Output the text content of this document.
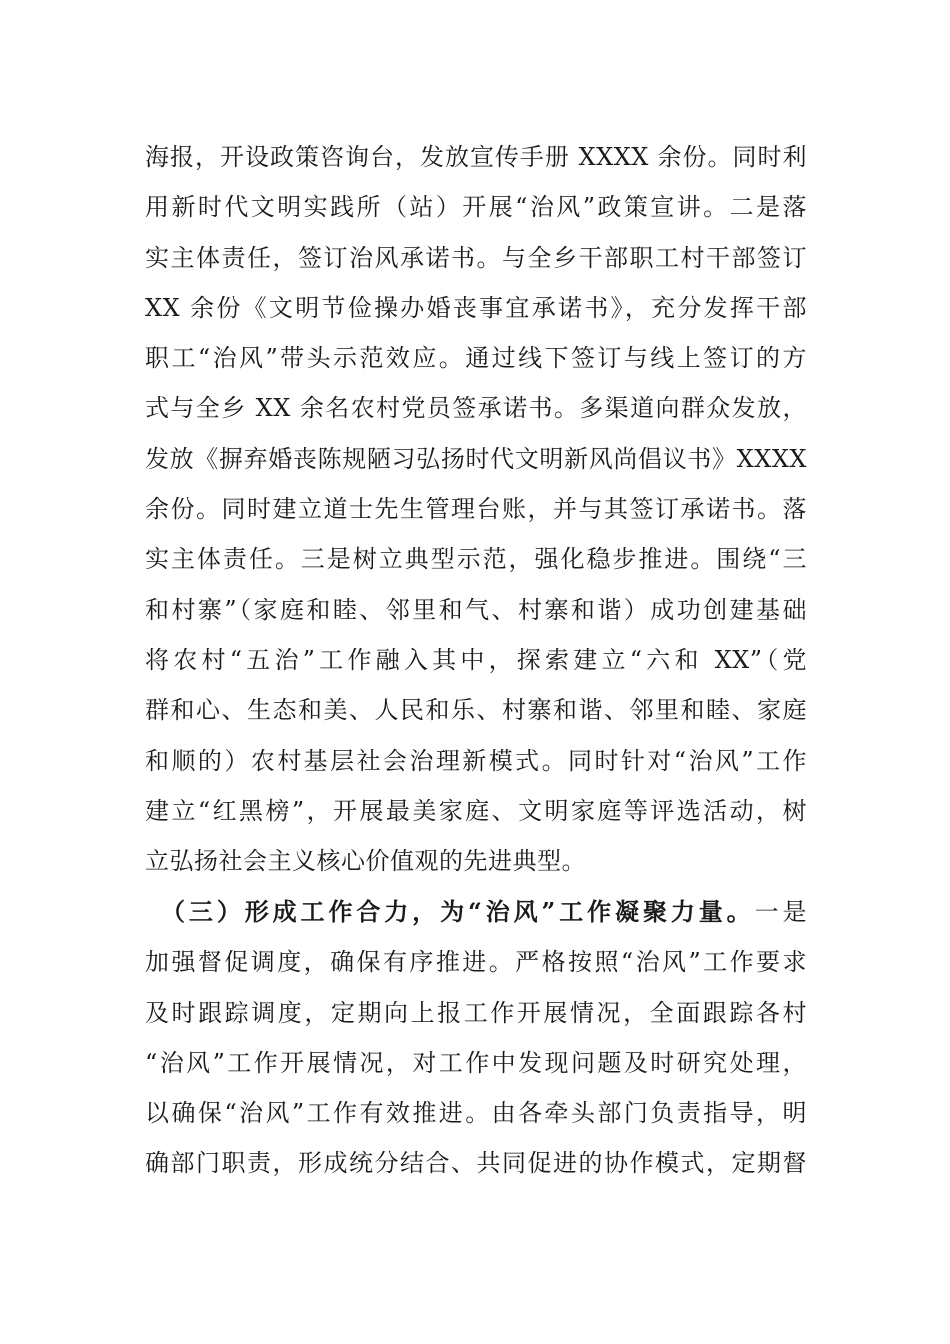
海报，开设政策咨询台，发放宣传手册 XXXX 余份。同时利
用新时代文明实践所（站）开展“治风”政策宣讲。二是落
实主体责任，签订治风承诺书。与全乡干部职工村干部签订
XX 余份《文明节俭操办婚丧事宜承诺书》，充分发挥干部
职工“治风”带头示范效应。通过线下签订与线上签订的方
式与全乡 XX 余名农村党员签承诺书。多渠道向群众发放，
发放《摒弃婚丧陈规陋习弘扬时代文明新风尚倡议书》XXXX
余份。同时建立道士先生管理台账，并与其签订承诺书。落
实主体责任。三是树立典型示范，强化稳步推进。围绕“三
和村寨”（家庭和睦、邻里和气、村寨和谐）成功创建基础
将农村“五治”工作融入其中，探索建立“六和 XX”（党
群和心、生态和美、人民和乐、村寨和谐、邻里和睦、家庭
和顺的）农村基层社会治理新模式。同时针对“治风”工作
建立“红黑榜”，开展最美家庭、文明家庭等评选活动，树
立弘扬社会主义核心价值观的先进典型。
（三）形成工作合力，为“治风”工作凝聚力量。一是
加强督促调度，确保有序推进。严格按照“治风”工作要求
及时跟踪调度，定期向上报工作开展情况，全面跟踪各村
“治风”工作开展情况，对工作中发现问题及时研究处理，
以确保“治风”工作有效推进。由各牵头部门负责指导，明
确部门职责，形成统分结合、共同促进的协作模式，定期督
